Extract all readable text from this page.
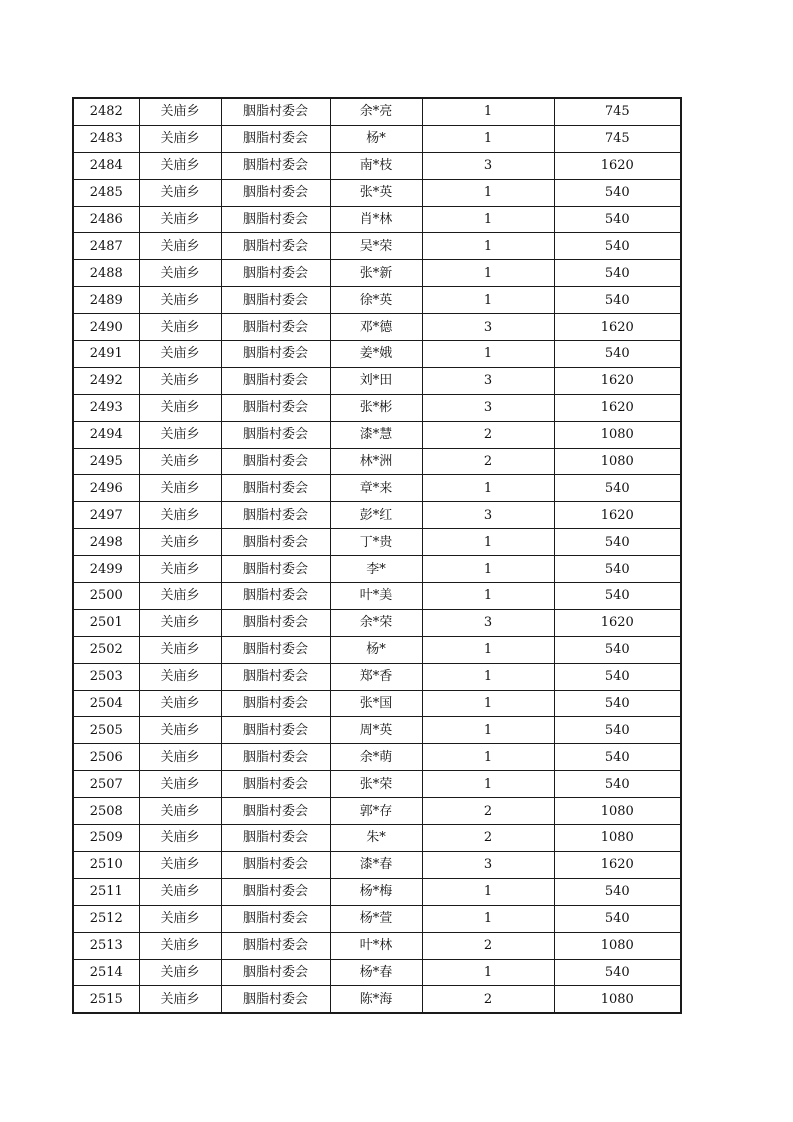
2482	关庙乡	胭脂村委会	余*亮	1	745
2483	关庙乡	胭脂村委会	杨*	1	745
2484	关庙乡	胭脂村委会	南*枝	3	1620
2485	关庙乡	胭脂村委会	张*英	1	540
2486	关庙乡	胭脂村委会	肖*林	1	540
2487	关庙乡	胭脂村委会	吴*荣	1	540
2488	关庙乡	胭脂村委会	张*新	1	540
2489	关庙乡	胭脂村委会	徐*英	1	540
2490	关庙乡	胭脂村委会	邓*德	3	1620
2491	关庙乡	胭脂村委会	姜*娥	1	540
2492	关庙乡	胭脂村委会	刘*田	3	1620
2493	关庙乡	胭脂村委会	张*彬	3	1620
2494	关庙乡	胭脂村委会	漆*慧	2	1080
2495	关庙乡	胭脂村委会	林*洲	2	1080
2496	关庙乡	胭脂村委会	章*来	1	540
2497	关庙乡	胭脂村委会	彭*红	3	1620
2498	关庙乡	胭脂村委会	丁*贵	1	540
2499	关庙乡	胭脂村委会	李*	1	540
2500	关庙乡	胭脂村委会	叶*美	1	540
2501	关庙乡	胭脂村委会	余*荣	3	1620
2502	关庙乡	胭脂村委会	杨*	1	540
2503	关庙乡	胭脂村委会	郑*香	1	540
2504	关庙乡	胭脂村委会	张*国	1	540
2505	关庙乡	胭脂村委会	周*英	1	540
2506	关庙乡	胭脂村委会	余*萌	1	540
2507	关庙乡	胭脂村委会	张*荣	1	540
2508	关庙乡	胭脂村委会	郭*存	2	1080
2509	关庙乡	胭脂村委会	朱*	2	1080
2510	关庙乡	胭脂村委会	漆*春	3	1620
2511	关庙乡	胭脂村委会	杨*梅	1	540
2512	关庙乡	胭脂村委会	杨*萱	1	540
2513	关庙乡	胭脂村委会	叶*林	2	1080
2514	关庙乡	胭脂村委会	杨*春	1	540
2515	关庙乡	胭脂村委会	陈*海	2	1080
